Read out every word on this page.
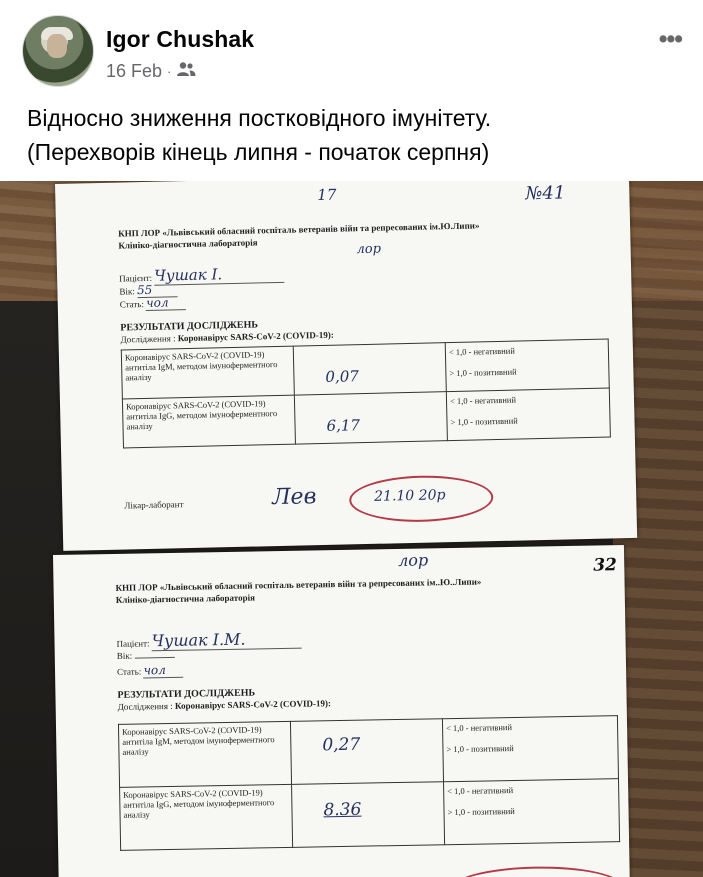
Igor Chushak
16 Feb ·
•••
Відносно зниження постковідного імунітету.
(Перехворів кінець липня - початок серпня)
17	№41
КНП ЛОР «Львівський обласний госпіталь ветеранів війн та репресованих ім.Ю.Липи»
Клініко-діагностична лабораторія	лор
Пацієнт: Чушак І.
Вік: 55
Стать: чол
РЕЗУЛЬТАТИ ДОСЛІДЖЕНЬ
Дослідження : Коронавірус SARS-CoV-2 (COVID-19):
Коронавірус SARS-CoV-2 (COVID-19) антитіла IgM, методом імуноферментного аналізу	0,07	< 1,0 - негативний
> 1,0 - позитивний

Коронавірус SARS-CoV-2 (COVID-19) антитіла IgG, методом імуноферментного аналізу	6,17	< 1,0 - негативний
> 1,0 - позитивний
Лікар-лаборант	Лев	21.10 20р
лор	32
КНП ЛОР «Львівський обласний госпіталь ветеранів війн та репресованих ім..Ю..Липи»
Клініко-діагностична лабораторія
Пацієнт: Чушак І.М.
Вік:
Стать: чол
РЕЗУЛЬТАТИ ДОСЛІДЖЕНЬ
Дослідження : Коронавірус SARS-CoV-2 (COVID-19):
Коронавірус SARS-CoV-2 (COVID-19) антитіла IgM, методом імуноферментного аналізу	0,27	< 1,0 - негативний
> 1,0 - позитивний

Коронавірус SARS-CoV-2 (COVID-19) антитіла IgG, методом імуноферментного аналізу	8.36	< 1,0 - негативний
> 1,0 - позитивний
